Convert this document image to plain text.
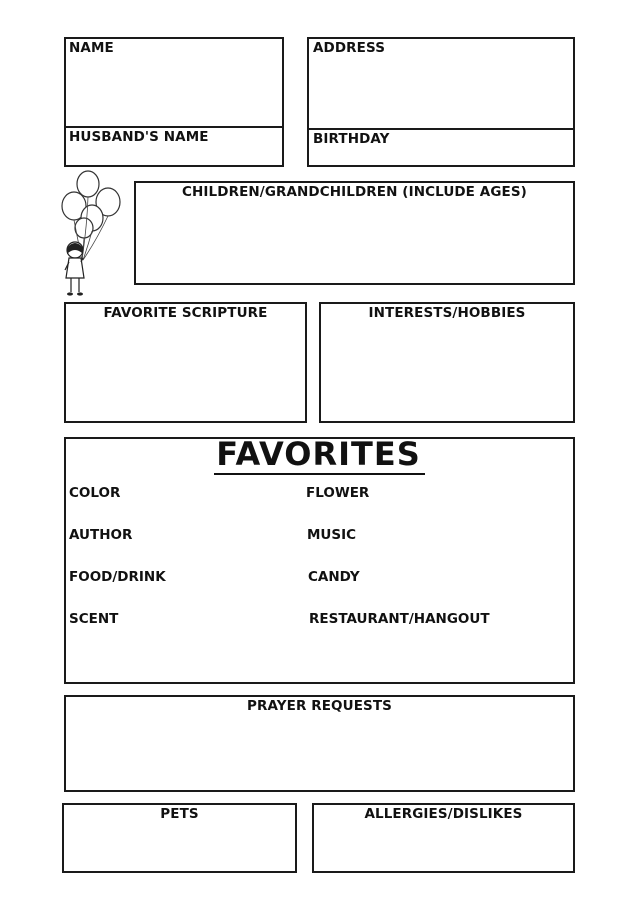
NAME
HUSBAND'S NAME
ADDRESS
BIRTHDAY
CHILDREN/GRANDCHILDREN (INCLUDE AGES)
FAVORITE SCRIPTURE	INTERESTS/HOBBIES
FAVORITES
COLOR
AUTHOR
FOOD/DRINK
SCENT
FLOWER
MUSIC
CANDY
RESTAURANT/HANGOUT
PRAYER REQUESTS
PETS	ALLERGIES/DISLIKES
